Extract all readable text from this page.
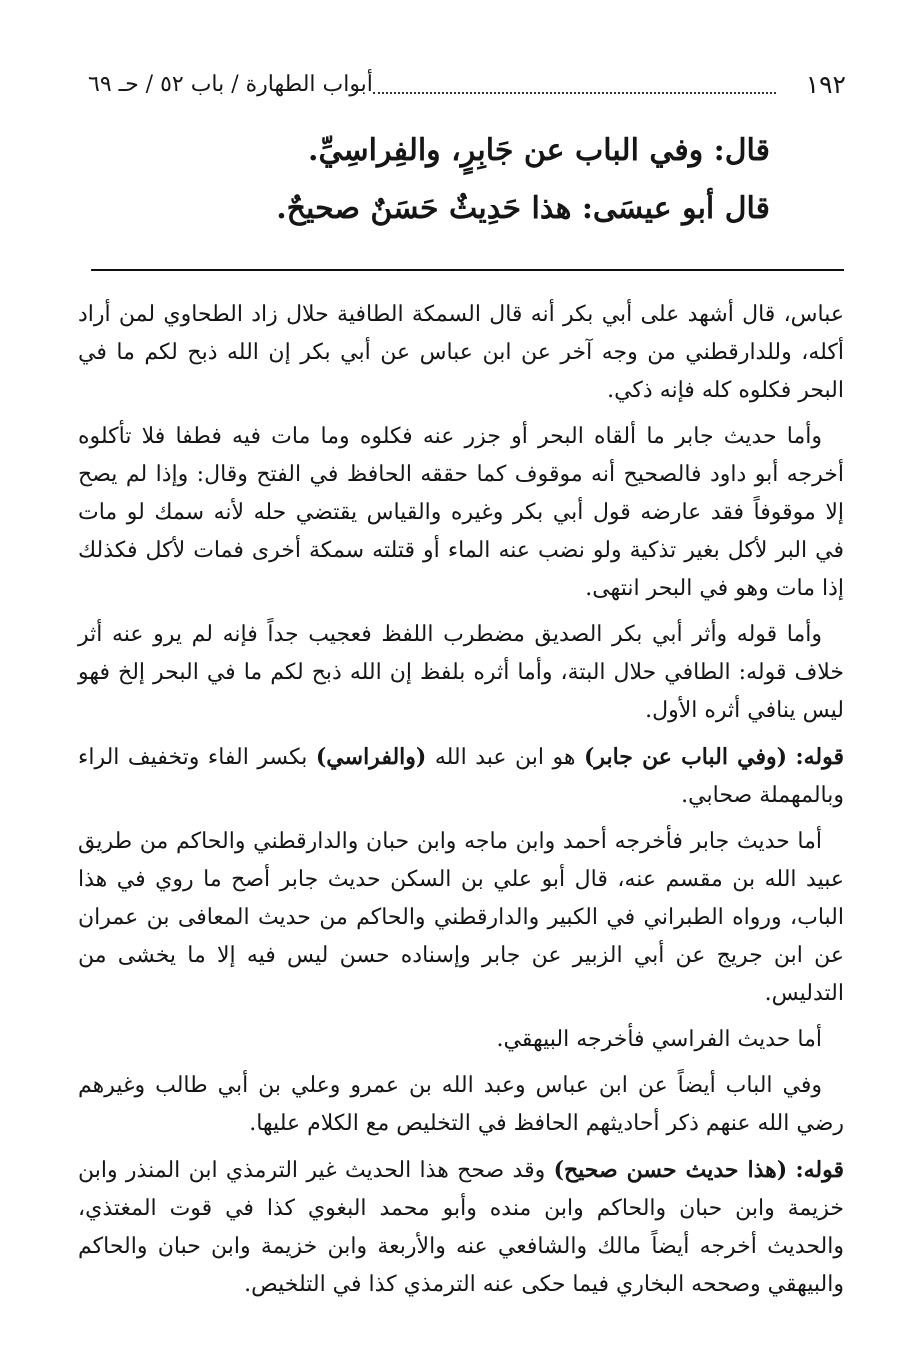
١٩٢
أبواب الطهارة / باب ٥٢ / حـ ٦٩

قال: وفي الباب عن جَابِرٍ، والفِراسِيِّ.

قال أبو عيسَى: هذا حَدِيثٌ حَسَنٌ صحيحٌ.

عباس، قال أشهد على أبي بكر أنه قال السمكة الطافية حلال زاد الطحاوي لمن أراد أكله، وللدارقطني من وجه آخر عن ابن عباس عن أبي بكر إن الله ذبح لكم ما في البحر فكلوه كله فإنه ذكي.

وأما حديث جابر ما ألقاه البحر أو جزر عنه فكلوه وما مات فيه فطفا فلا تأكلوه أخرجه أبو داود فالصحيح أنه موقوف كما حققه الحافظ في الفتح وقال: وإذا لم يصح إلا موقوفاً فقد عارضه قول أبي بكر وغيره والقياس يقتضي حله لأنه سمك لو مات في البر لأكل بغير تذكية ولو نضب عنه الماء أو قتلته سمكة أخرى فمات لأكل فكذلك إذا مات وهو في البحر انتهى.

وأما قوله وأثر أبي بكر الصديق مضطرب اللفظ فعجيب جداً فإنه لم يرو عنه أثر خلاف قوله: الطافي حلال البتة، وأما أثره بلفظ إن الله ذبح لكم ما في البحر إلخ فهو ليس ينافي أثره الأول.

قوله: (وفي الباب عن جابر) هو ابن عبد الله (والفراسي) بكسر الفاء وتخفيف الراء وبالمهملة صحابي.

أما حديث جابر فأخرجه أحمد وابن ماجه وابن حبان والدارقطني والحاكم من طريق عبيد الله بن مقسم عنه، قال أبو علي بن السكن حديث جابر أصح ما روي في هذا الباب، ورواه الطبراني في الكبير والدارقطني والحاكم من حديث المعافى بن عمران عن ابن جريج عن أبي الزبير عن جابر وإسناده حسن ليس فيه إلا ما يخشى من التدليس.

أما حديث الفراسي فأخرجه البيهقي.

وفي الباب أيضاً عن ابن عباس وعبد الله بن عمرو وعلي بن أبي طالب وغيرهم رضي الله عنهم ذكر أحاديثهم الحافظ في التخليص مع الكلام عليها.

قوله: (هذا حديث حسن صحيح) وقد صحح هذا الحديث غير الترمذي ابن المنذر وابن خزيمة وابن حبان والحاكم وابن منده وأبو محمد البغوي كذا في قوت المغتذي، والحديث أخرجه أيضاً مالك والشافعي عنه والأربعة وابن خزيمة وابن حبان والحاكم والبيهقي وصححه البخاري فيما حكى عنه الترمذي كذا في التلخيص.
